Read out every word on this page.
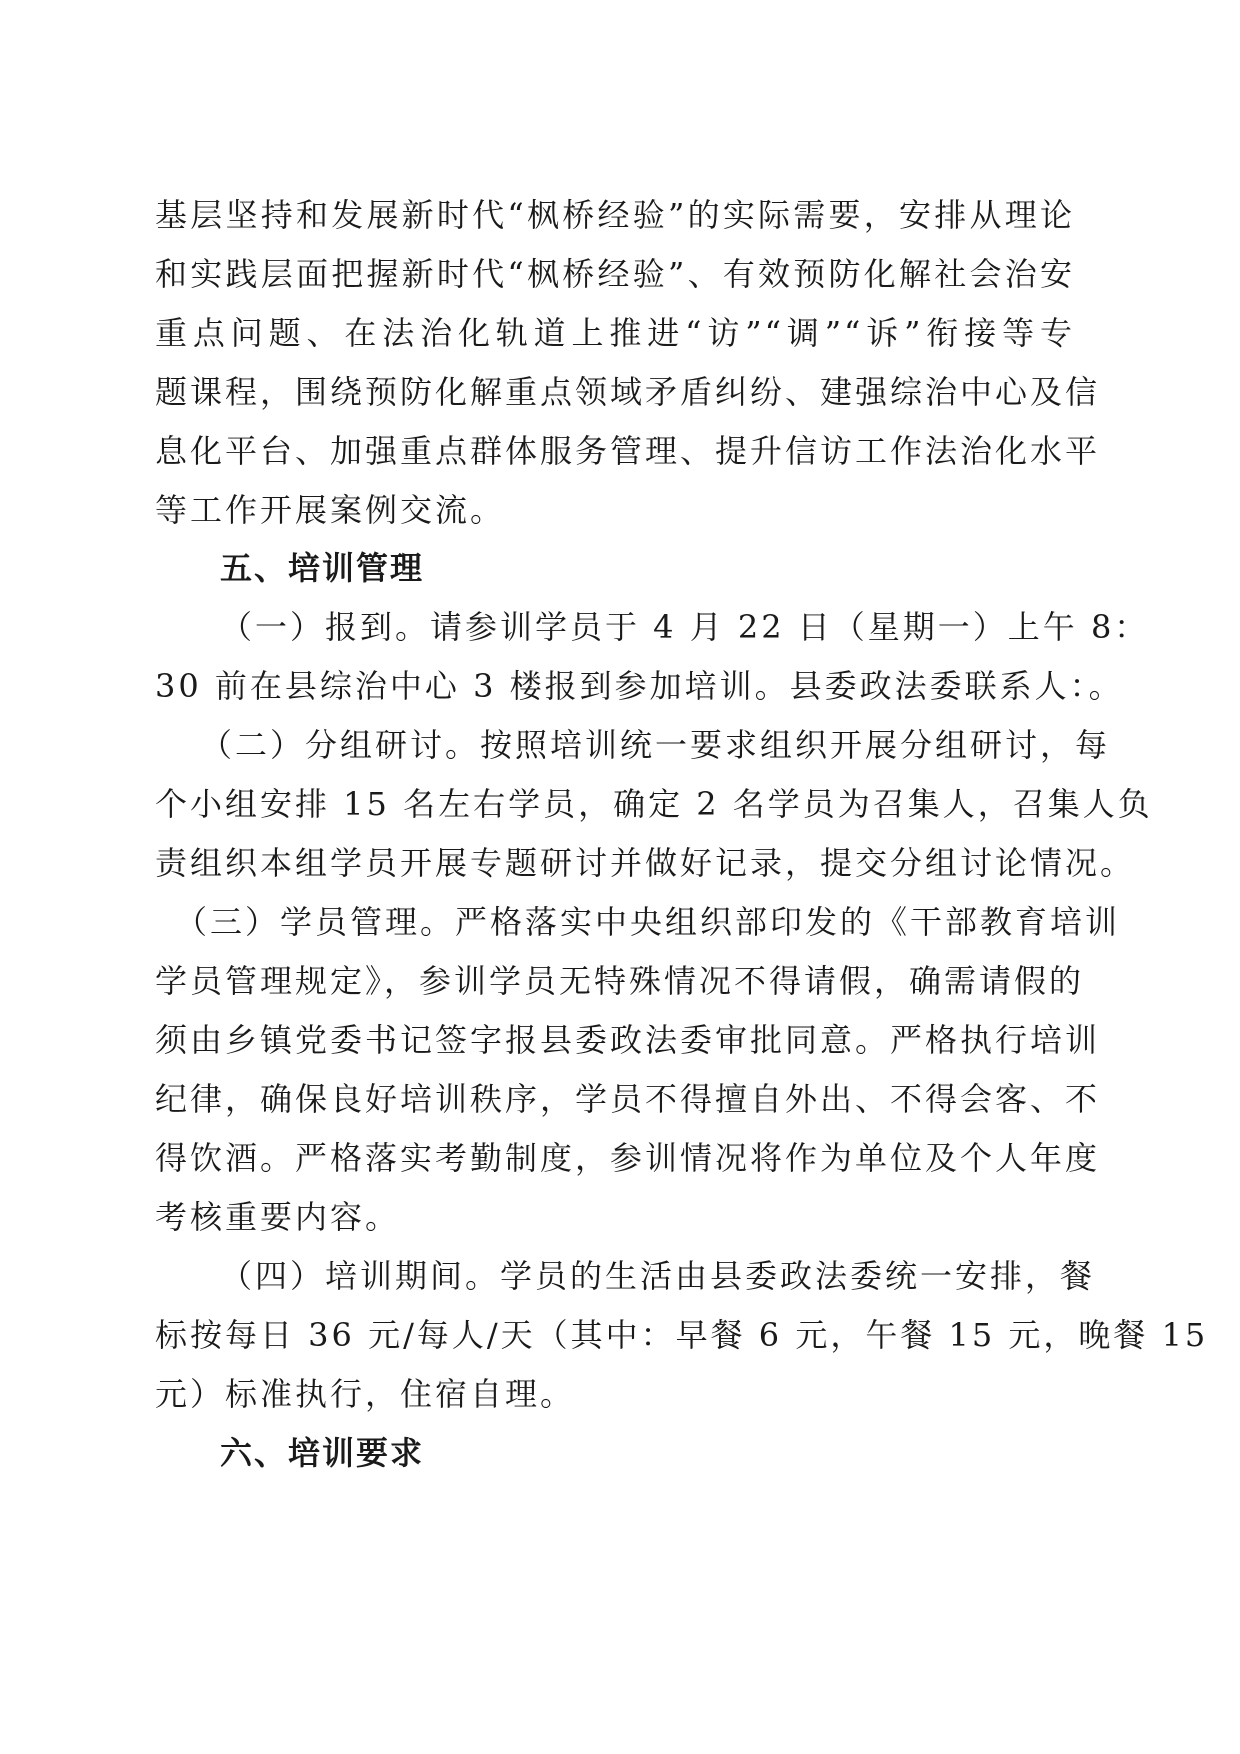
基层坚持和发展新时代“枫桥经验”的实际需要，安排从理论
和实践层面把握新时代“枫桥经验”、有效预防化解社会治安
重点问题、在法治化轨道上推进“访”“调”“诉”衔接等专
题课程，围绕预防化解重点领域矛盾纠纷、建强综治中心及信
息化平台、加强重点群体服务管理、提升信访工作法治化水平
等工作开展案例交流。
五、培训管理
（一）报到。请参训学员于 4 月 22 日（星期一）上午 8：
30 前在县综治中心 3 楼报到参加培训。县委政法委联系人：。
（二）分组研讨。按照培训统一要求组织开展分组研讨，每
个小组安排 15 名左右学员，确定 2 名学员为召集人，召集人负
责组织本组学员开展专题研讨并做好记录，提交分组讨论情况。
（三）学员管理。严格落实中央组织部印发的《干部教育培训
学员管理规定》，参训学员无特殊情况不得请假，确需请假的
须由乡镇党委书记签字报县委政法委审批同意。严格执行培训
纪律，确保良好培训秩序，学员不得擅自外出、不得会客、不
得饮酒。严格落实考勤制度，参训情况将作为单位及个人年度
考核重要内容。
（四）培训期间。学员的生活由县委政法委统一安排，餐
标按每日 36 元/每人/天（其中：早餐 6 元，午餐 15 元，晚餐 15
元）标准执行，住宿自理。
六、培训要求
